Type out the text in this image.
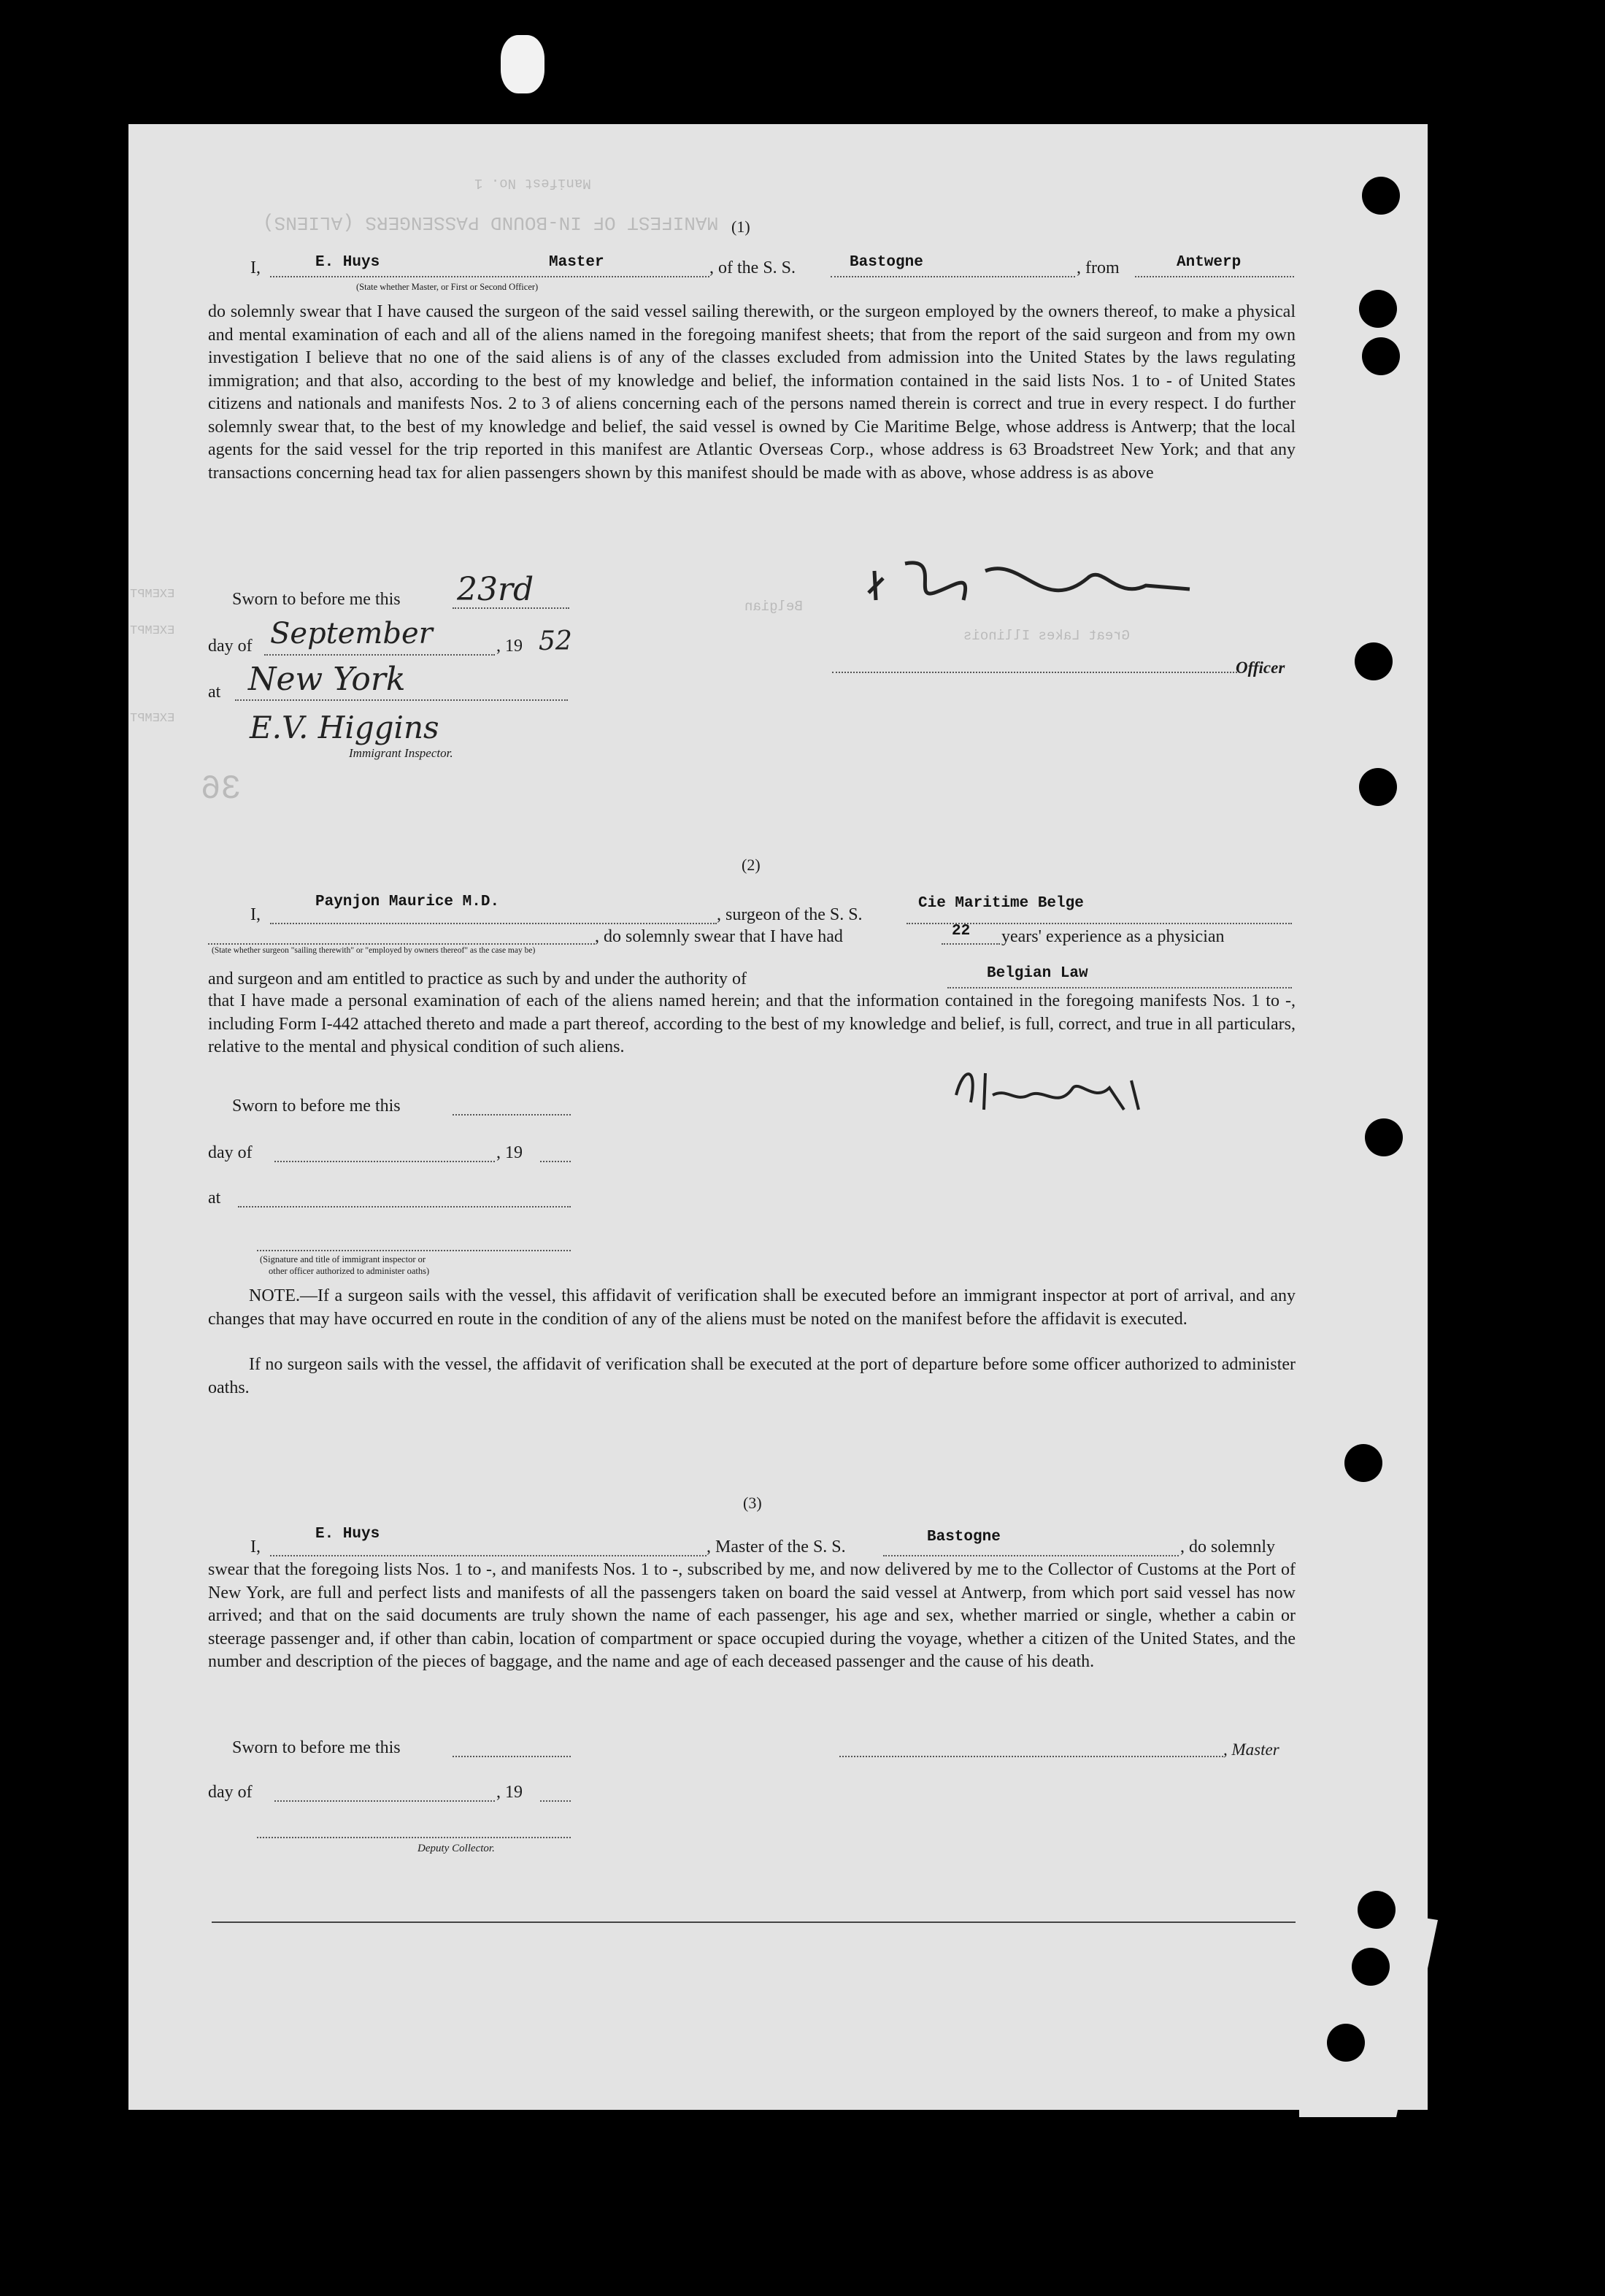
MANIFEST OF IN-BOUND PASSENGERS (ALIENS)
Manifest No. 1
36
EXEMPT
EXEMPT
EXEMPT
Great Lakes Illinois
Belgian
(1)
I,	E. Huys	Master	, of the S. S.	Bastogne	, from	Antwerp
(State whether Master, or First or Second Officer)
do solemnly swear that I have caused the surgeon of the said vessel sailing therewith, or the surgeon employed by the owners thereof, to make a physical and mental examination of each and all of the aliens named in the foregoing manifest sheets; that from the report of the said surgeon and from my own investigation I believe that no one of the said aliens is of any of the classes excluded from admission into the United States by the laws regulating immigration; and that also, according to the best of my knowledge and belief, the information contained in the said lists Nos. 1 to - of United States citizens and nationals and manifests Nos. 2 to 3 of aliens concerning each of the persons named therein is correct and true in every respect. I do further solemnly swear that, to the best of my knowledge and belief, the said vessel is owned by Cie Maritime Belge, whose address is Antwerp; that the local agents for the said vessel for the trip reported in this manifest are Atlantic Overseas Corp., whose address is 63 Broadstreet New York; and that any transactions concerning head tax for alien passengers shown by this manifest should be made with as above, whose address is as above
Sworn to before me this 23rd
day of September	, 19 52
at New York
E.V. Higgins
Immigrant Inspector.
Officer
(2)
I,
Paynjon Maurice M.D.
, surgeon of the S. S.
Cie Maritime Belge
, do solemnly swear that I have had	22 years' experience as a physician
(State whether surgeon "sailing therewith" or "employed by owners thereof" as the case may be)
and surgeon and am entitled to practice as such by and under the authority of	Belgian Law
that I have made a personal examination of each of the aliens named herein; and that the information contained in the foregoing manifests Nos. 1 to -, including Form I-442 attached thereto and made a part thereof, according to the best of my knowledge and belief, is full, correct, and true in all particulars, relative to the mental and physical condition of such aliens.
Sworn to before me this
day of	, 19
at
(Signature and title of immigrant inspector or
other officer authorized to administer oaths)
NOTE.—If a surgeon sails with the vessel, this affidavit of verification shall be executed before an immigrant inspector at port of arrival, and any changes that may have occurred en route in the condition of any of the aliens must be noted on the manifest before the affidavit is executed.
If no surgeon sails with the vessel, the affidavit of verification shall be executed at the port of departure before some officer authorized to administer oaths.
(3)
I,
E. Huys
, Master of the S. S.
Bastogne
, do solemnly
swear that the foregoing lists Nos. 1 to -, and manifests Nos. 1 to -, subscribed by me, and now delivered by me to the Collector of Customs at the Port of New York, are full and perfect lists and manifests of all the passengers taken on board the said vessel at Antwerp, from which port said vessel has now arrived; and that on the said documents are truly shown the name of each passenger, his age and sex, whether married or single, whether a cabin or steerage passenger and, if other than cabin, location of compartment or space occupied during the voyage, whether a citizen of the United States, and the number and description of the pieces of baggage, and the name and age of each deceased passenger and the cause of his death.
Sworn to before me this	, Master
day of	, 19
Deputy Collector.
